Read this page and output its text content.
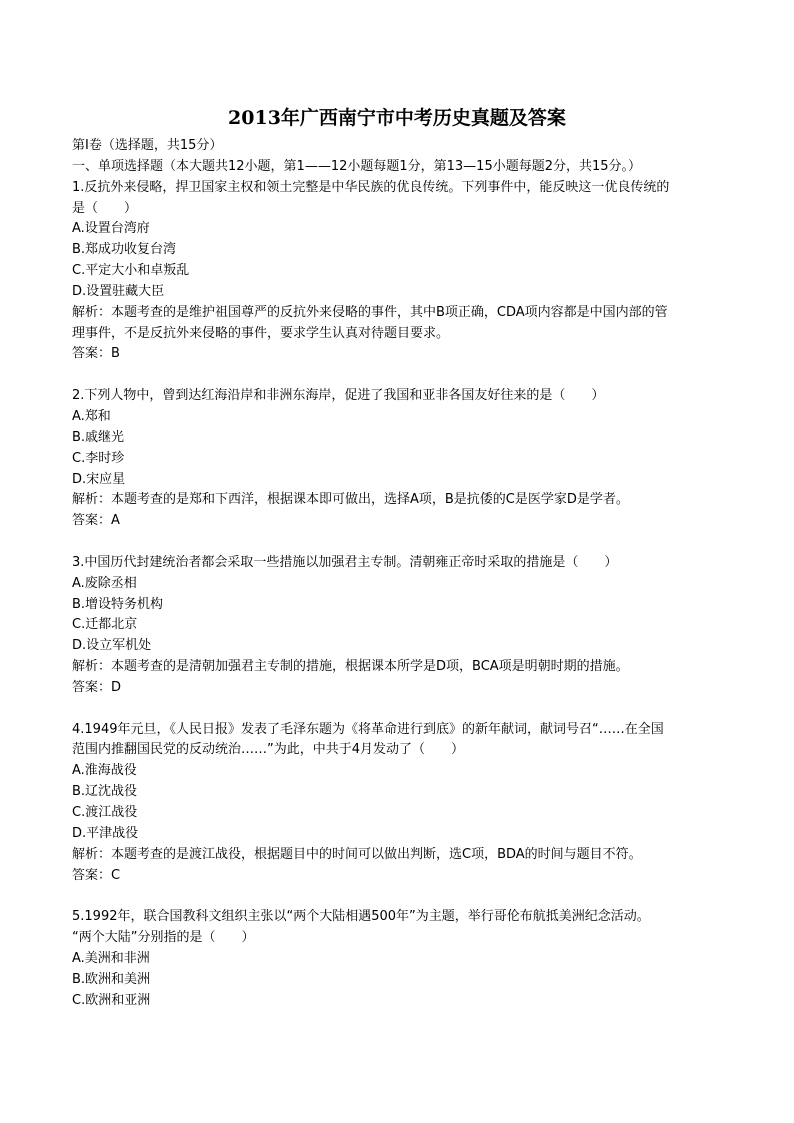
2013年广西南宁市中考历史真题及答案

第Ⅰ卷（选择题，共15分）

一、单项选择题（本大题共12小题，第1——12小题每题1分，第13—15小题每题2分，共15分。）

1.反抗外来侵略，捍卫国家主权和领土完整是中华民族的优良传统。下列事件中，能反映这一优良传统的

是（　　）

A.设置台湾府

B.郑成功收复台湾

C.平定大小和卓叛乱

D.设置驻藏大臣

解析：本题考查的是维护祖国尊严的反抗外来侵略的事件，其中B项正确，CDA项内容都是中国内部的管

理事件，不是反抗外来侵略的事件，要求学生认真对待题目要求。

答案：B

2.下列人物中，曾到达红海沿岸和非洲东海岸，促进了我国和亚非各国友好往来的是（　　）

A.郑和

B.戚继光

C.李时珍

D.宋应星

解析：本题考查的是郑和下西洋，根据课本即可做出，选择A项，B是抗倭的C是医学家D是学者。

答案：A

3.中国历代封建统治者都会采取一些措施以加强君主专制。清朝雍正帝时采取的措施是（　　）

A.废除丞相

B.增设特务机构

C.迁都北京

D.设立军机处

解析：本题考查的是清朝加强君主专制的措施，根据课本所学是D项，BCA项是明朝时期的措施。

答案：D

4.1949年元旦，《人民日报》发表了毛泽东题为《将革命进行到底》的新年献词，献词号召“……在全国

范围内推翻国民党的反动统治……”为此，中共于4月发动了（　　）

A.淮海战役

B.辽沈战役

C.渡江战役

D.平津战役

解析：本题考查的是渡江战役，根据题目中的时间可以做出判断，选C项，BDA的时间与题目不符。

答案：C

5.1992年，联合国教科文组织主张以“两个大陆相遇500年”为主题，举行哥伦布航抵美洲纪念活动。

“两个大陆”分别指的是（　　）

A.美洲和非洲

B.欧洲和美洲

C.欧洲和亚洲
